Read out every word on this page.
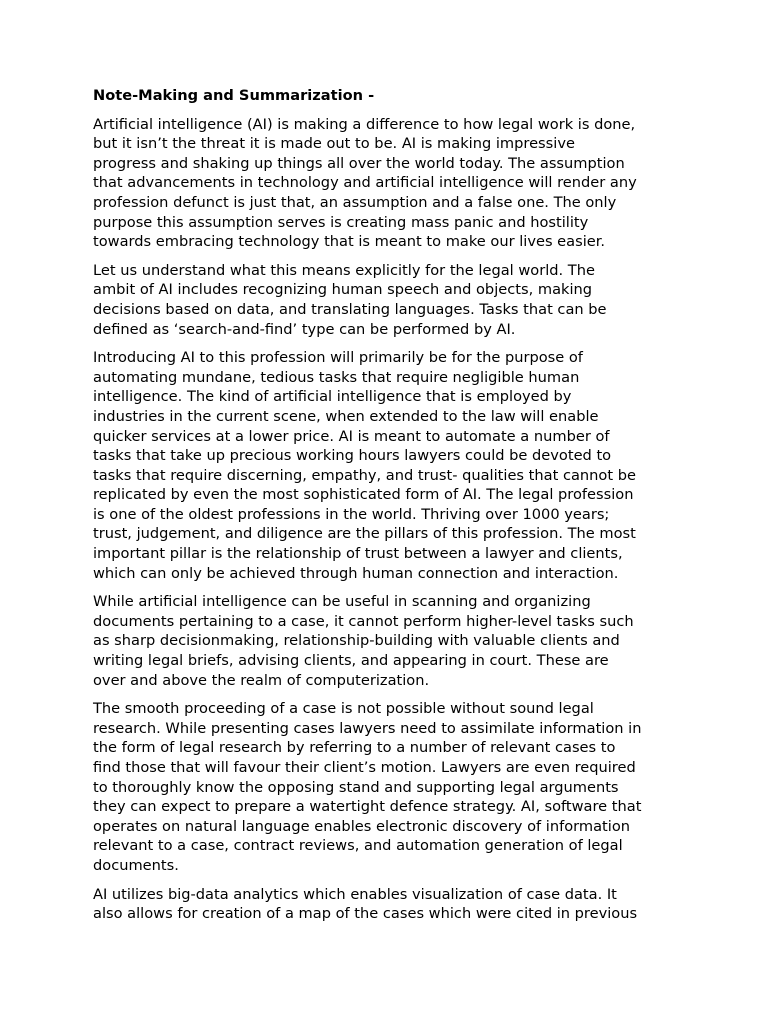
Note-Making and Summarization -
Artificial intelligence (AI) is making a difference to how legal work is done,
but it isn’t the threat it is made out to be. AI is making impressive
progress and shaking up things all over the world today. The assumption
that advancements in technology and artificial intelligence will render any
profession defunct is just that, an assumption and a false one. The only
purpose this assumption serves is creating mass panic and hostility
towards embracing technology that is meant to make our lives easier.
Let us understand what this means explicitly for the legal world. The
ambit of AI includes recognizing human speech and objects, making
decisions based on data, and translating languages. Tasks that can be
defined as ‘search-and-find’ type can be performed by AI.
Introducing AI to this profession will primarily be for the purpose of
automating mundane, tedious tasks that require negligible human
intelligence. The kind of artificial intelligence that is employed by
industries in the current scene, when extended to the law will enable
quicker services at a lower price. AI is meant to automate a number of
tasks that take up precious working hours lawyers could be devoted to
tasks that require discerning, empathy, and trust- qualities that cannot be
replicated by even the most sophisticated form of AI. The legal profession
is one of the oldest professions in the world. Thriving over 1000 years;
trust, judgement, and diligence are the pillars of this profession. The most
important pillar is the relationship of trust between a lawyer and clients,
which can only be achieved through human connection and interaction.
While artificial intelligence can be useful in scanning and organizing
documents pertaining to a case, it cannot perform higher-level tasks such
as sharp decisionmaking, relationship-building with valuable clients and
writing legal briefs, advising clients, and appearing in court. These are
over and above the realm of computerization.
The smooth proceeding of a case is not possible without sound legal
research. While presenting cases lawyers need to assimilate information in
the form of legal research by referring to a number of relevant cases to
find those that will favour their client’s motion. Lawyers are even required
to thoroughly know the opposing stand and supporting legal arguments
they can expect to prepare a watertight defence strategy. AI, software that
operates on natural language enables electronic discovery of information
relevant to a case, contract reviews, and automation generation of legal
documents.
AI utilizes big-data analytics which enables visualization of case data. It
also allows for creation of a map of the cases which were cited in previous
